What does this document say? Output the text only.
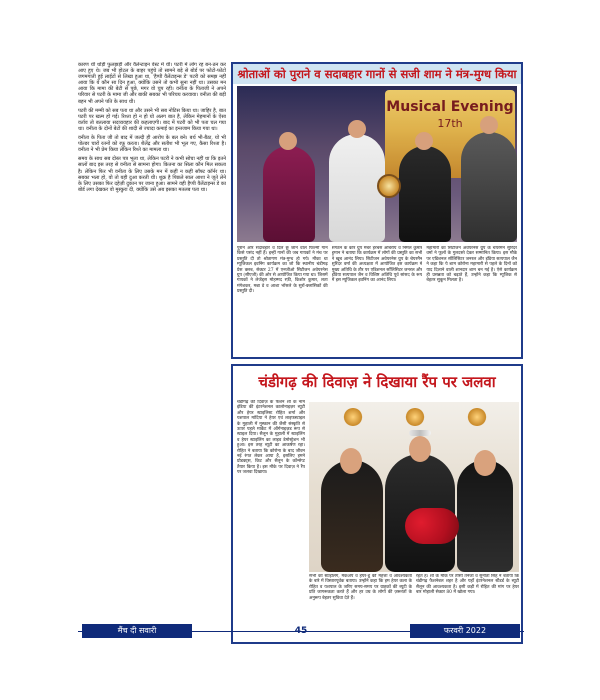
कारण थी थोड़ी फुलझड़ी और वैलेन्टाइन वेस्ट में थी। पटरी में लोग रह बन-ठन कर आए हुए थे। जब भी होटल के बाहर पहुंचे तो सामने बड़े से बोर्ड पर फोटो-फोटो जगमगाती हुई लाईटों से लिखा हुआ था, 'हैप्पी वैलेंटाइन्स डे' पटरी को समझ नहीं आया कि ये कौन सा दिन हुआ, क्योंकि उसने तो कभी सुना नहीं था। उसका मन आया कि मामा की बेटी से पूछे, मगर वो चुप रही। वनीता के पिताजी ने अपने परिवार से पटरी के मामा जी और बाकी सबका भी परिचय करवाया। वनीता की बड़ी बहन भी अपने पति के साथ थी।

पटरी की मम्मी को सब पता था और उसने भी सब नोटिस किया था। जाहिर है, बात पटरी पर खत्म हो गई। रिश्ता हो न हो यो अलग बात है, लेकिन मेहमानों के ऐसा वर्ताव तो बतलाया सदव्यवहार की कहलाएगी। बाद में पटरी को भी पता चल गया था। वनीता के दोनों बेटों की शादी से ज्यादा कमाई का इन्तजाम किया गया था।

वनीता के पिता जी तो बाद में जल्दी ही आरोप के बल बने। बर्थ भी-बैठा, यो भी पोल्डर चारों रतनों को रफ़ू करता। शैलेंद्र और सतीश भी भूल गए, कैसा रिश्ता है। वनीता ने भी प्रेम किया लेकिन रिश्ते का मामला था।

समय के साथ सब दोस्त पत्र भूला था, लेकिन पटरी ने कभी सोचा नहीं था कि इतने सालों बाद इस तरह से वनीता से सामना होगा। कितना का सिला कौन मिल सकता है। लेकिन फिर भी वनीता के लिए उसके मन में कहीं न कहीं सॉफ्ट कॉर्नर था। सबका भला हो, वो तो यही दुआ करती थी। शुक्र है पिछले साल आशा ने जूते लेने के लिए उसका फिर दहेज़ी दुकान पर जाना हुआ। सामने वही हैप्पी वैलेंटाइन्स डे का बोर्ड लगा देखकर वो मुस्कुरा दी, क्योंकि उसे अब इसका मतलब पता था।

श्रोताओं को पुराने व सदाबहार गानों से सजी शाम ने मंत्र-मुग्ध किया
Musical Evening
17th
पुराने और सदाबहार व दिल छू जाने वाले फिल्मी गाने किसे पसंद नहीं हैं। इन्हीं गानों की जब गायकों ने मंच पर प्रस्तुति दी तो श्रोतागण मंत्र-मुग्ध हो गये। मौका था म्यूजिकल इवनिंग कार्यक्रम का जो कि स्थानीय चंडीगढ़ प्रेस क्लब, सेक्टर 27 में एनजीओ सिटीजन अवेयरनेस ग्रुप (सीएजी) की ओर से आयोजित किया गया था। जिसमें गायकों ने लेजेंड्स मोहम्मद रफ़ी, किशोर कुमार, लता मंगेशकर, मन्ना डे व आशा भोंसले के सुरों-क्लासिकों की प्रस्तुति दी।
संगठन के कोर ग्रुप मेंबर हरबंस ओबेरॉय व निर्मल कुमार हुमान ने बताया कि कार्यक्रम में लोगों की प्रस्तुति का सभी ने खूब आनंद लिया। सिटीजन अवेयरनेस ग्रुप के चेयरमैन सुरिंदर वर्मा की अध्यक्षता में आयोजित इस कार्यक्रम में मुख्य अतिथि के तौर पर एडिशनल सॉलिसिटर जनरल और इंडिया सत्यपाल जैन व विशिष्ट अतिथि पूर्व सांसद के रूप में इस म्यूजिकल इवनिंग का आनंद लिया।
महामारी का सिटीजन अवेयरनेस ग्रुप के चेयरमैन सुरिंदर वर्मा ने फूलों के गुलदस्ते देकर सम्मानित किया। इस मौके पर एडिशनल सॉलिसिटर जनरल और इंडिया सत्यपाल जैन ने कहा कि ये शाम कोरोना महामारी से पहले के दिनों को याद दिलाने वाली शानदार शाम बन गई है। ऐसे कार्यक्रम ही प्रसन्नता को बढ़ाते हैं, उन्होंने कहा कि म्यूजिक से बेहतर सुकून मिलता है।
चंडीगढ़ की दिवाज़ ने दिखाया रैंप पर जलवा
चंडीगढ़ की दिवाज़ के फैशन शो के नाम इंडिया की इंटरनेशनल कालोनाइज़र ब्यूटी और हेयर स्टाइलिस्ट रोहित शर्मा और यशपाल मांदिया ने हेयर एवं लाइफस्टाइल के मुहाली में मुस्कान की जैसी संस्कृति से ऊपर पहले मार्केट में ऑर्गनाइज़ड रूप से स्टाइल दिया। सैलून के मुहाली में स्टाइलिंग व हेयर स्टाइलिंग का लाइव डेमोस्ट्रेशन भी हुआ। इस तरह ब्यूटी का आकर्षण रहा। रोहित ने बताया कि कोरोना के बाद जीवन नई रंगत लेकर आया है, इसलिए हमने प्रोडक्ट्स, किट और सैलून के कॉन्सेप्ट तैयार किया है। इस मौके पर दिवाज़ ने रैंप पर जलवा दिखाया।
सभी को स्टाइलिंग, मेकअप व हेयर-डू की महत्ता व आवश्यकता के बारे में विस्तारपूर्वक बताया। उन्होंने कहा कि हम हेयर कला के रोहित व यशपाल के जरिए समय-समय पर ग्राहकों की ब्यूटी के प्रति जागरूकता करते हैं और हर उम्र के लोगों की ज़रूरतों के अनुरूप बेहतर सुविधा देते हैं।
रहते हैं। शो के मौके पर तीसी तनेजा व सुनीता सिंह ने बताया कि चंडीगढ़ फैशनेबल शहर है और यहाँ इंटरनेशनल स्टैंडर्ड के ब्यूटी सैलून की आवश्यकता है। इसी कड़ी में रोहित की मांग पर हेयर बार मोहाली सेक्टर 80 में खोला गया।
मैंच दी सवारी	45	फरवरी 2022
